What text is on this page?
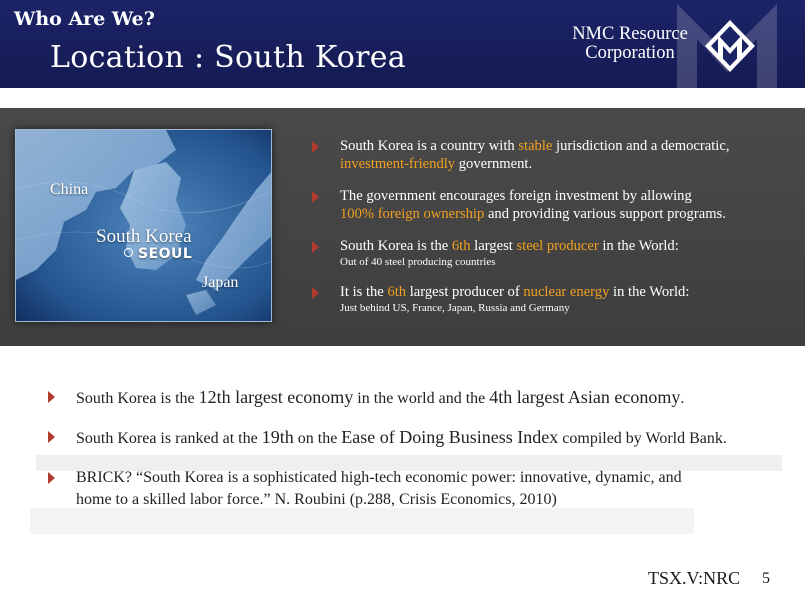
Who Are We?
Location : South Korea
NMC Resource
Corporation
China
South Korea
SEOUL
Japan
South Korea is a country with stable jurisdiction and a democratic,
investment-friendly government.
The government encourages foreign investment by allowing
100% foreign ownership and providing various support programs.
South Korea is the 6th largest steel producer in the World:
Out of 40 steel producing countries
It is the 6th largest producer of nuclear energy in the World:
Just behind US, France, Japan, Russia and Germany
South Korea is the 12th largest economy in the world and the 4th largest Asian economy.
South Korea is ranked at the 19th on the Ease of Doing Business Index compiled by World Bank.
BRICK? “South Korea is a sophisticated high-tech economic power: innovative, dynamic, and
home to a skilled labor force.” N. Roubini (p.288, Crisis Economics, 2010)
TSX.V:NRC 5
